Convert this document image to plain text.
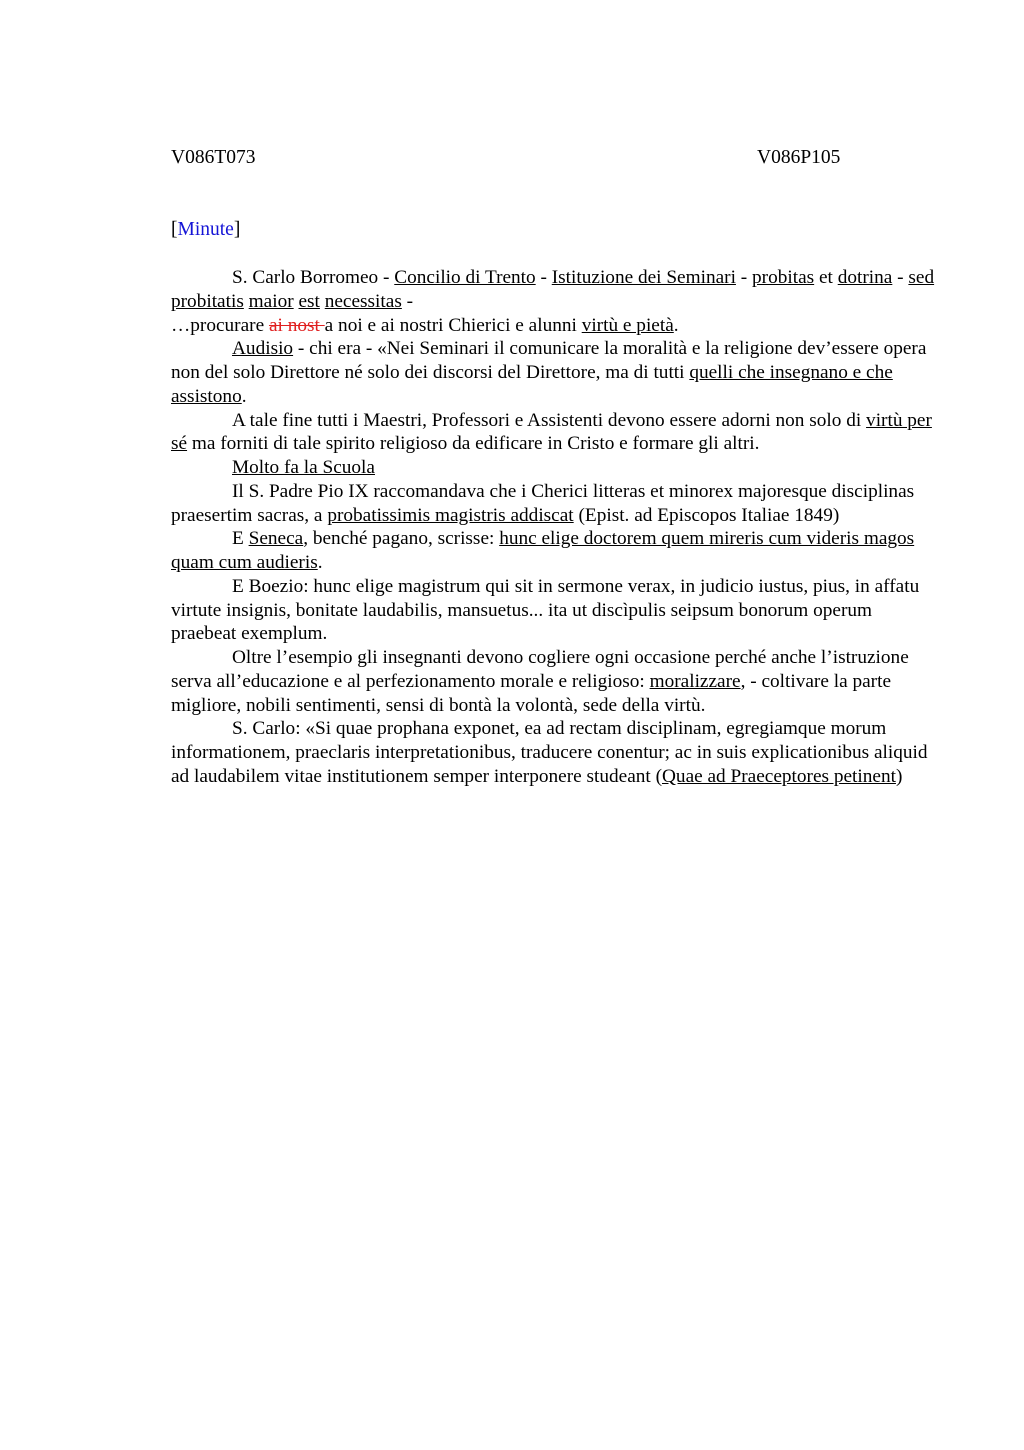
V086T073	V086P105
[Minute]

S. Carlo Borromeo - Concilio di Trento - Istituzione dei Seminari - probitas et dotrina - sed probitatis maior est necessitas -

…procurare ai nost a noi e ai nostri Chierici e alunni virtù e pietà.

Audisio - chi era - «Nei Seminari il comunicare la moralità e la religione dev’essere opera non del solo Direttore né solo dei discorsi del Direttore, ma di tutti quelli che insegnano e che assistono.

A tale fine tutti i Maestri, Professori e Assistenti devono essere adorni non solo di virtù per sé ma forniti di tale spirito religioso da edificare in Cristo e formare gli altri.

Molto fa la Scuola

Il S. Padre Pio IX raccomandava che i Cherici litteras et minorex majoresque disciplinas praesertim sacras, a probatissimis magistris addiscat (Epist. ad Episcopos Italiae 1849)

E Seneca, benché pagano, scrisse: hunc elige doctorem quem mireris cum videris magos quam cum audieris.

E Boezio: hunc elige magistrum qui sit in sermone verax, in judicio iustus, pius, in affatu virtute insignis, bonitate laudabilis, mansuetus... ita ut discìpulis seipsum bonorum operum praebeat exemplum.

Oltre l’esempio gli insegnanti devono cogliere ogni occasione perché anche l’istruzione serva all’educazione e al perfezionamento morale e religioso: moralizzare, - coltivare la parte migliore, nobili sentimenti, sensi di bontà la volontà, sede della virtù.

S. Carlo: «Si quae prophana exponet, ea ad rectam disciplinam, egregiamque morum informationem, praeclaris interpretationibus, traducere conentur; ac in suis explicationibus aliquid ad laudabilem vitae institutionem semper interponere studeant (Quae ad Praeceptores petinent)
